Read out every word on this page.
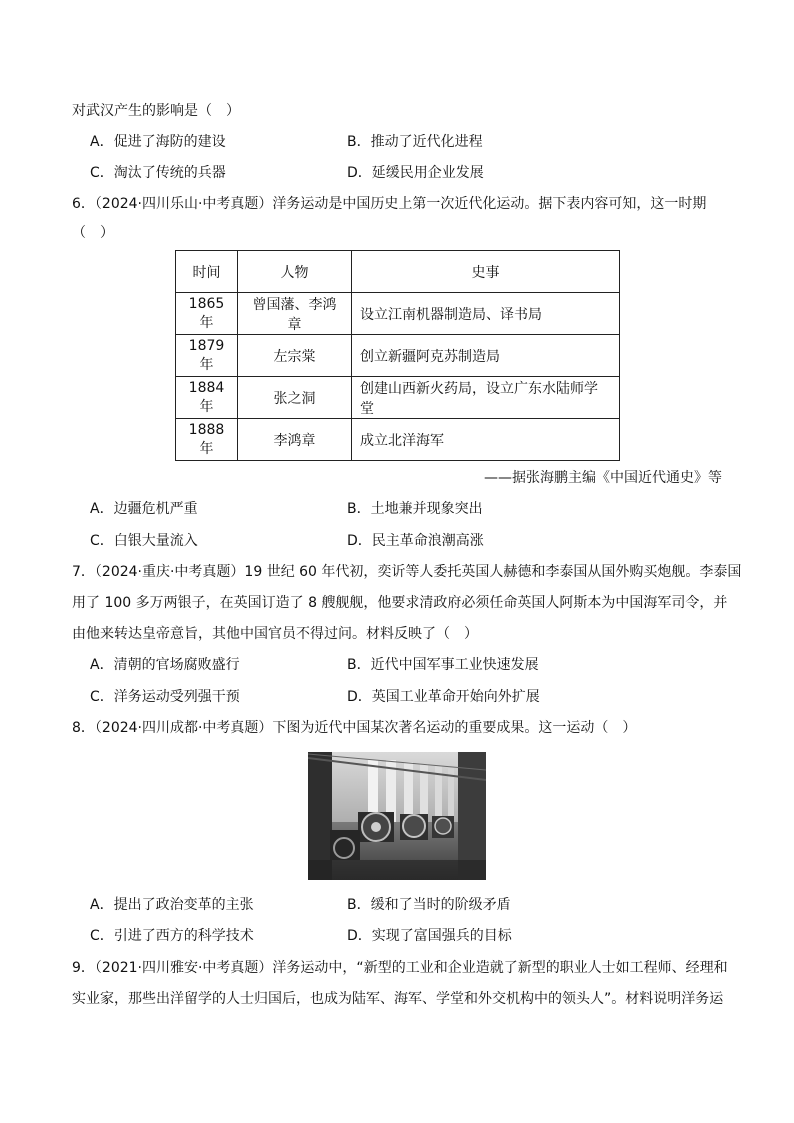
对武汉产生的影响是（　）
A．促进了海防的建设	B．推动了近代化进程
C．淘汰了传统的兵器	D．延缓民用企业发展
6．（2024·四川乐山·中考真题）洋务运动是中国历史上第一次近代化运动。据下表内容可知，这一时期
（　）
时间	人物	史事
1865 年	曾国藩、李鸿章	设立江南机器制造局、译书局
1879 年	左宗棠	创立新疆阿克苏制造局
1884 年	张之洞	创建山西新火药局，设立广东水陆师学堂
1888 年	李鸿章	成立北洋海军
——据张海鹏主编《中国近代通史》等
A．边疆危机严重	B．土地兼并现象突出
C．白银大量流入	D．民主革命浪潮高涨
7．（2024·重庆·中考真题）19 世纪 60 年代初，奕䜣等人委托英国人赫德和李泰国从国外购买炮舰。李泰国
用了 100 多万两银子，在英国订造了 8 艘舰舰，他要求清政府必须任命英国人阿斯本为中国海军司令，并
由他来转达皇帝意旨，其他中国官员不得过问。材料反映了（　）
A．清朝的官场腐败盛行	B．近代中国军事工业快速发展
C．洋务运动受列强干预	D．英国工业革命开始向外扩展
8．（2024·四川成都·中考真题）下图为近代中国某次著名运动的重要成果。这一运动（　）
A．提出了政治变革的主张	B．缓和了当时的阶级矛盾
C．引进了西方的科学技术	D．实现了富国强兵的目标
9．（2021·四川雅安·中考真题）洋务运动中，“新型的工业和企业造就了新型的职业人士如工程师、经理和
实业家，那些出洋留学的人士归国后，也成为陆军、海军、学堂和外交机构中的领头人”。材料说明洋务运
